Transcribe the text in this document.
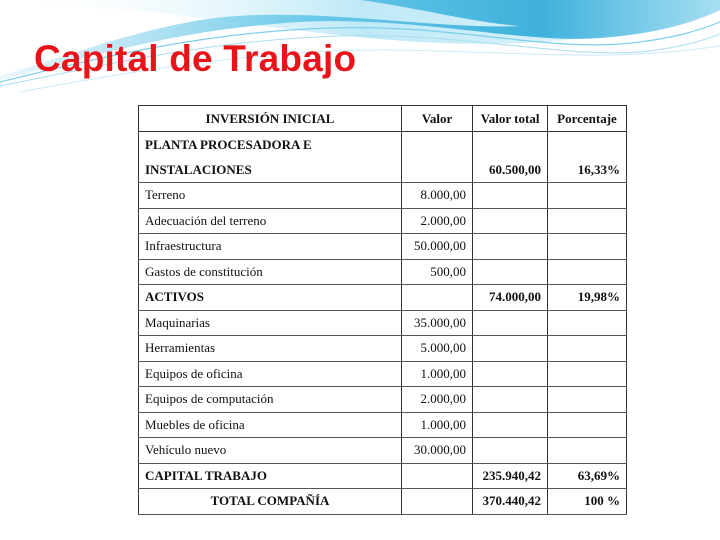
Capital de Trabajo
INVERSIÓN INICIAL	Valor	Valor total	Porcentaje
PLANTA PROCESADORA E			
INSTALACIONES		60.500,00	16,33%
Terreno	8.000,00		
Adecuación del terreno	2.000,00		
Infraestructura	50.000,00		
Gastos de constitución	500,00		
ACTIVOS		74.000,00	19,98%
Maquinarias	35.000,00		
Herramientas	5.000,00		
Equipos de oficina	1.000,00		
Equipos de computación	2.000,00		
Muebles de oficina	1.000,00		
Vehículo nuevo	30.000,00		
CAPITAL TRABAJO		235.940,42	63,69%
TOTAL COMPAÑÍA		370.440,42	100 %
